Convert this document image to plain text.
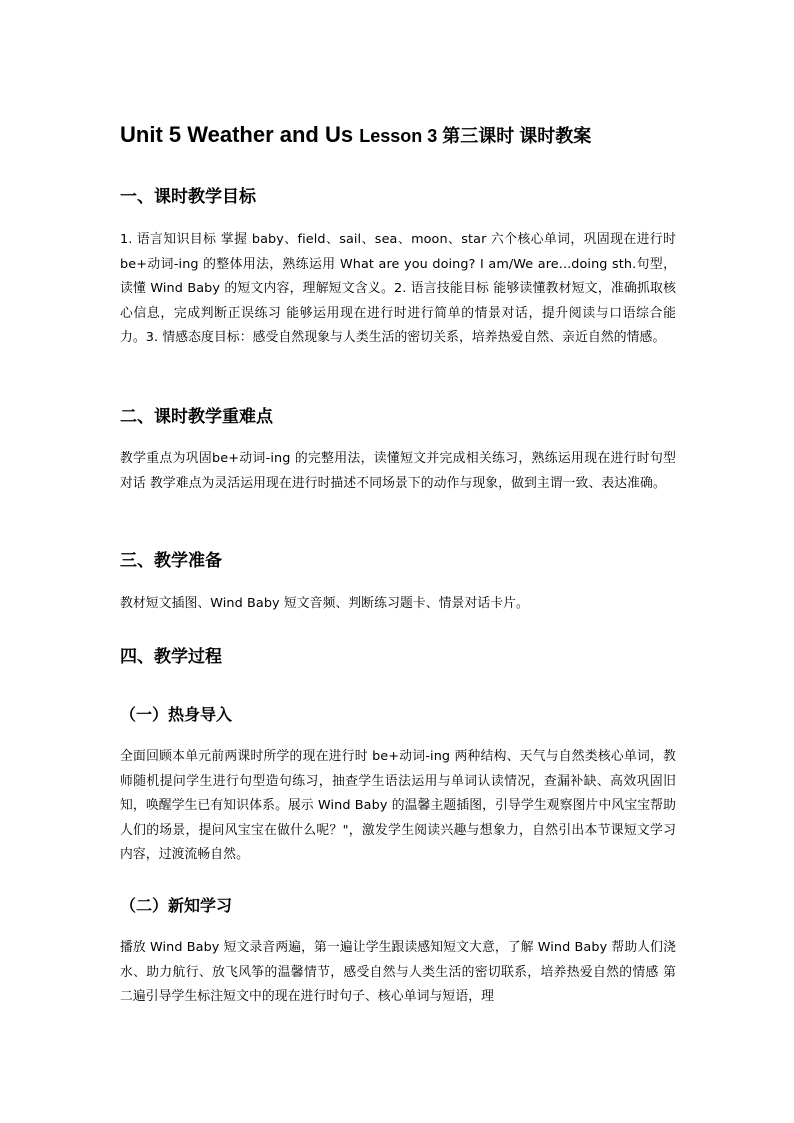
Unit 5 Weather and Us Lesson 3 第三课时 课时教案
一、课时教学目标

1. 语言知识目标 掌握 baby、field、sail、sea、moon、star 六个核心单词，巩固现在进行时 be+动词-ing 的整体用法，熟练运用 What are you doing? I am/We are...doing sth.句型，读懂 Wind Baby 的短文内容，理解短文含义。2. 语言技能目标 能够读懂教材短文，准确抓取核心信息，完成判断正误练习 能够运用现在进行时进行简单的情景对话，提升阅读与口语综合能力。3. 情感态度目标：感受自然现象与人类生活的密切关系，培养热爱自然、亲近自然的情感。

二、课时教学重难点

教学重点为巩固be+动词-ing 的完整用法，读懂短文并完成相关练习，熟练运用现在进行时句型对话 教学难点为灵活运用现在进行时描述不同场景下的动作与现象，做到主谓一致、表达准确。

三、教学准备

教材短文插图、Wind Baby 短文音频、判断练习题卡、情景对话卡片。

四、教学过程
（一）热身导入

全面回顾本单元前两课时所学的现在进行时 be+动词-ing 两种结构、天气与自然类核心单词，教师随机提问学生进行句型造句练习，抽查学生语法运用与单词认读情况，查漏补缺、高效巩固旧知，唤醒学生已有知识体系。展示 Wind Baby 的温馨主题插图，引导学生观察图片中风宝宝帮助人们的场景，提问风宝宝在做什么呢？"，激发学生阅读兴趣与想象力，自然引出本节课短文学习内容，过渡流畅自然。

（二）新知学习

播放 Wind Baby 短文录音两遍，第一遍让学生跟读感知短文大意，了解 Wind Baby 帮助人们浇水、助力航行、放飞风筝的温馨情节，感受自然与人类生活的密切联系，培养热爱自然的情感 第二遍引导学生标注短文中的现在进行时句子、核心单词与短语，理
